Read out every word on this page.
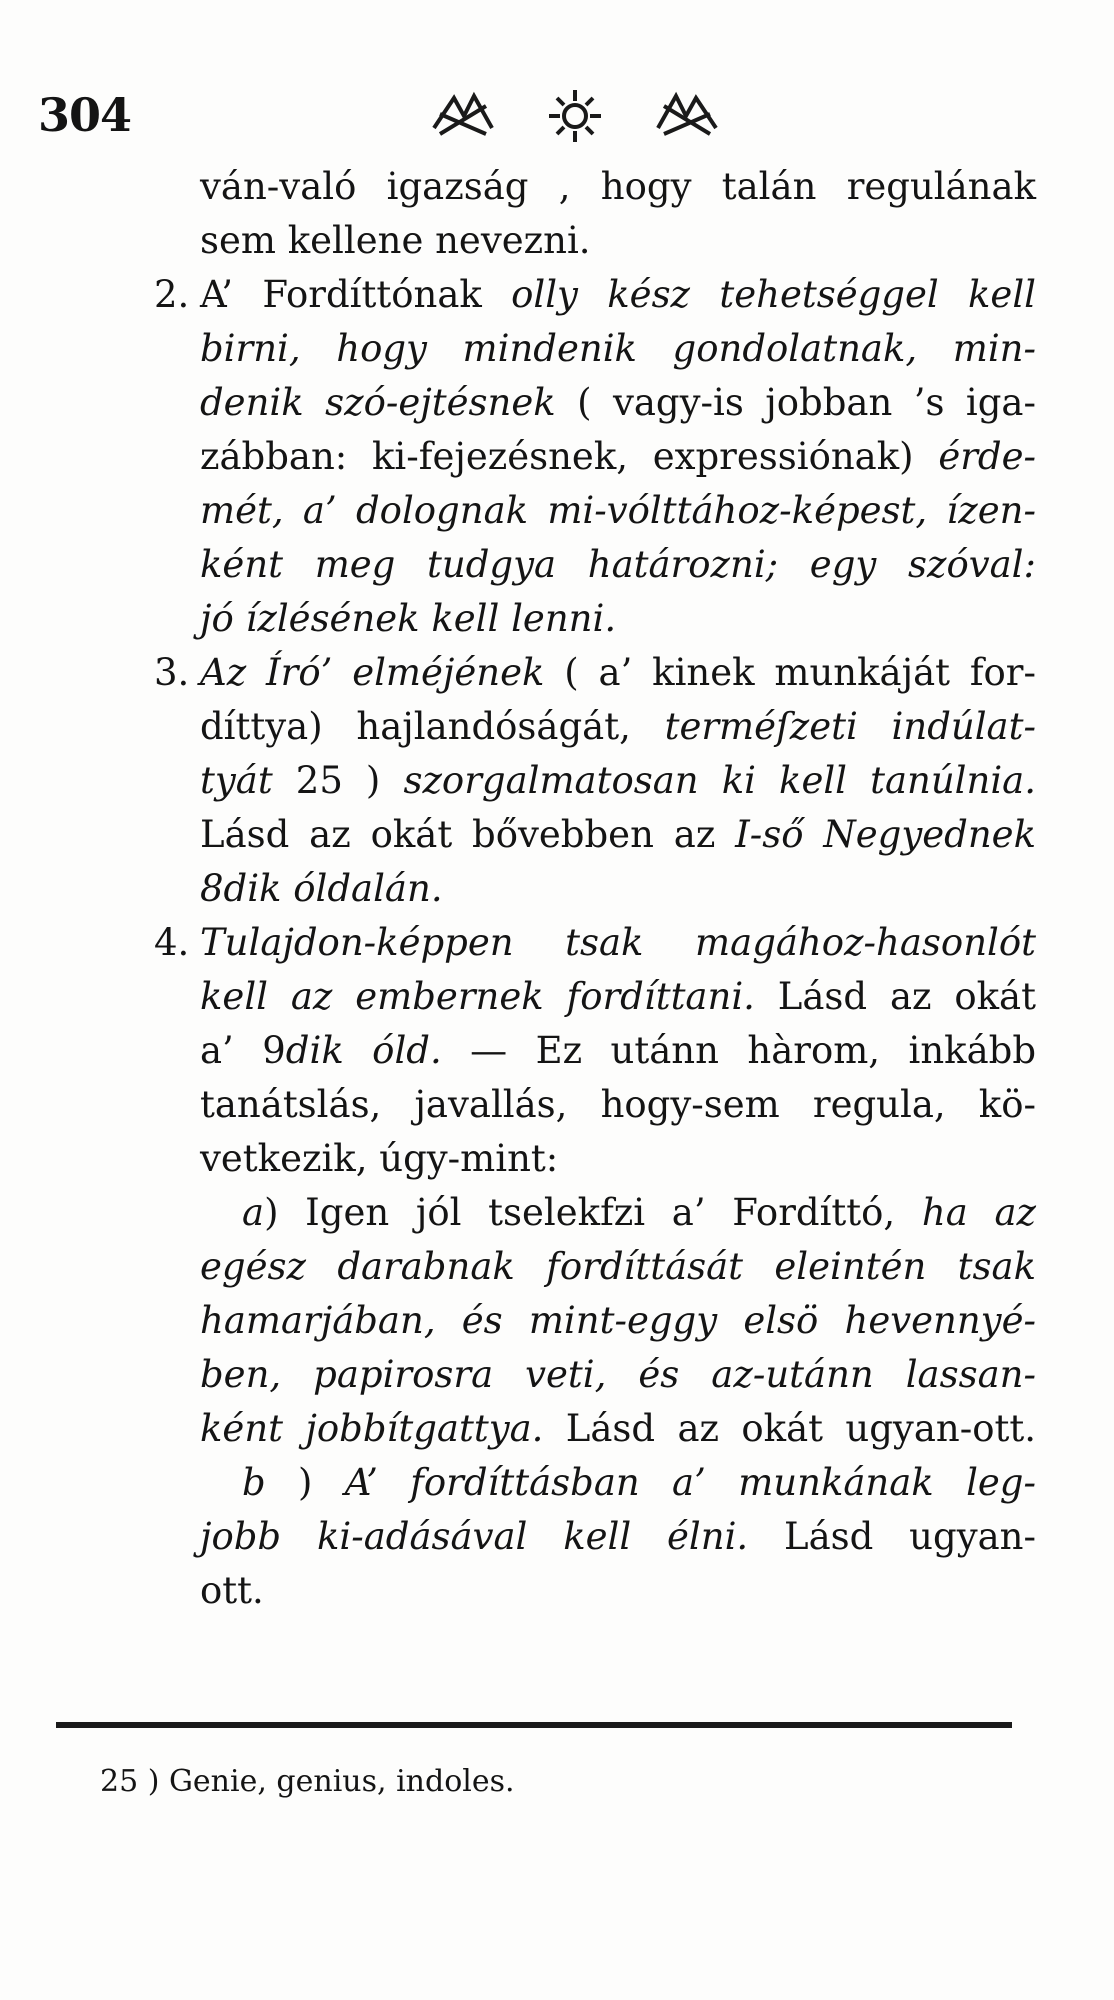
304
ván-való igazság , hogy talán regulának
sem kellene nevezni.
2. A’ Fordíttónak olly kész tehetséggel kell
birni, hogy mindenik gondolatnak, min-
denik szó-ejtésnek ( vagy-is jobban ’s iga-
zábban: ki-fejezésnek, expressiónak) érde-
mét, a’ dolognak mi-vólttához-képest, ízen-
ként meg tudgya határozni; egy szóval:
jó ízlésének kell lenni.
3. Az Író’ elméjének ( a’ kinek munkáját for-
díttya) hajlandóságát, terméſzeti indúlat-
tyát 25 ) szorgalmatosan ki kell tanúlnia.
Lásd az okát bővebben az I-ső Negyednek
8dik óldalán.
4. Tulajdon-képpen tsak magához-hasonlót
kell az embernek fordíttani. Lásd az okát
a’ 9dik óld. — Ez utánn hàrom, inkább
tanátslás, javallás, hogy-sem regula, kö-
vetkezik, úgy-mint:
a) Igen jól tselekfzi a’ Fordíttó, ha az
egész darabnak fordíttását eleintén tsak
hamarjában, és mint-eggy elsö hevennyé-
ben, papirosra veti, és az-utánn lassan-
ként jobbítgattya. Lásd az okát ugyan-ott.
b ) A’ fordíttásban a’ munkának leg-
jobb ki-adásával kell élni. Lásd ugyan-
ott.
25 ) Genie, genius, indoles.
